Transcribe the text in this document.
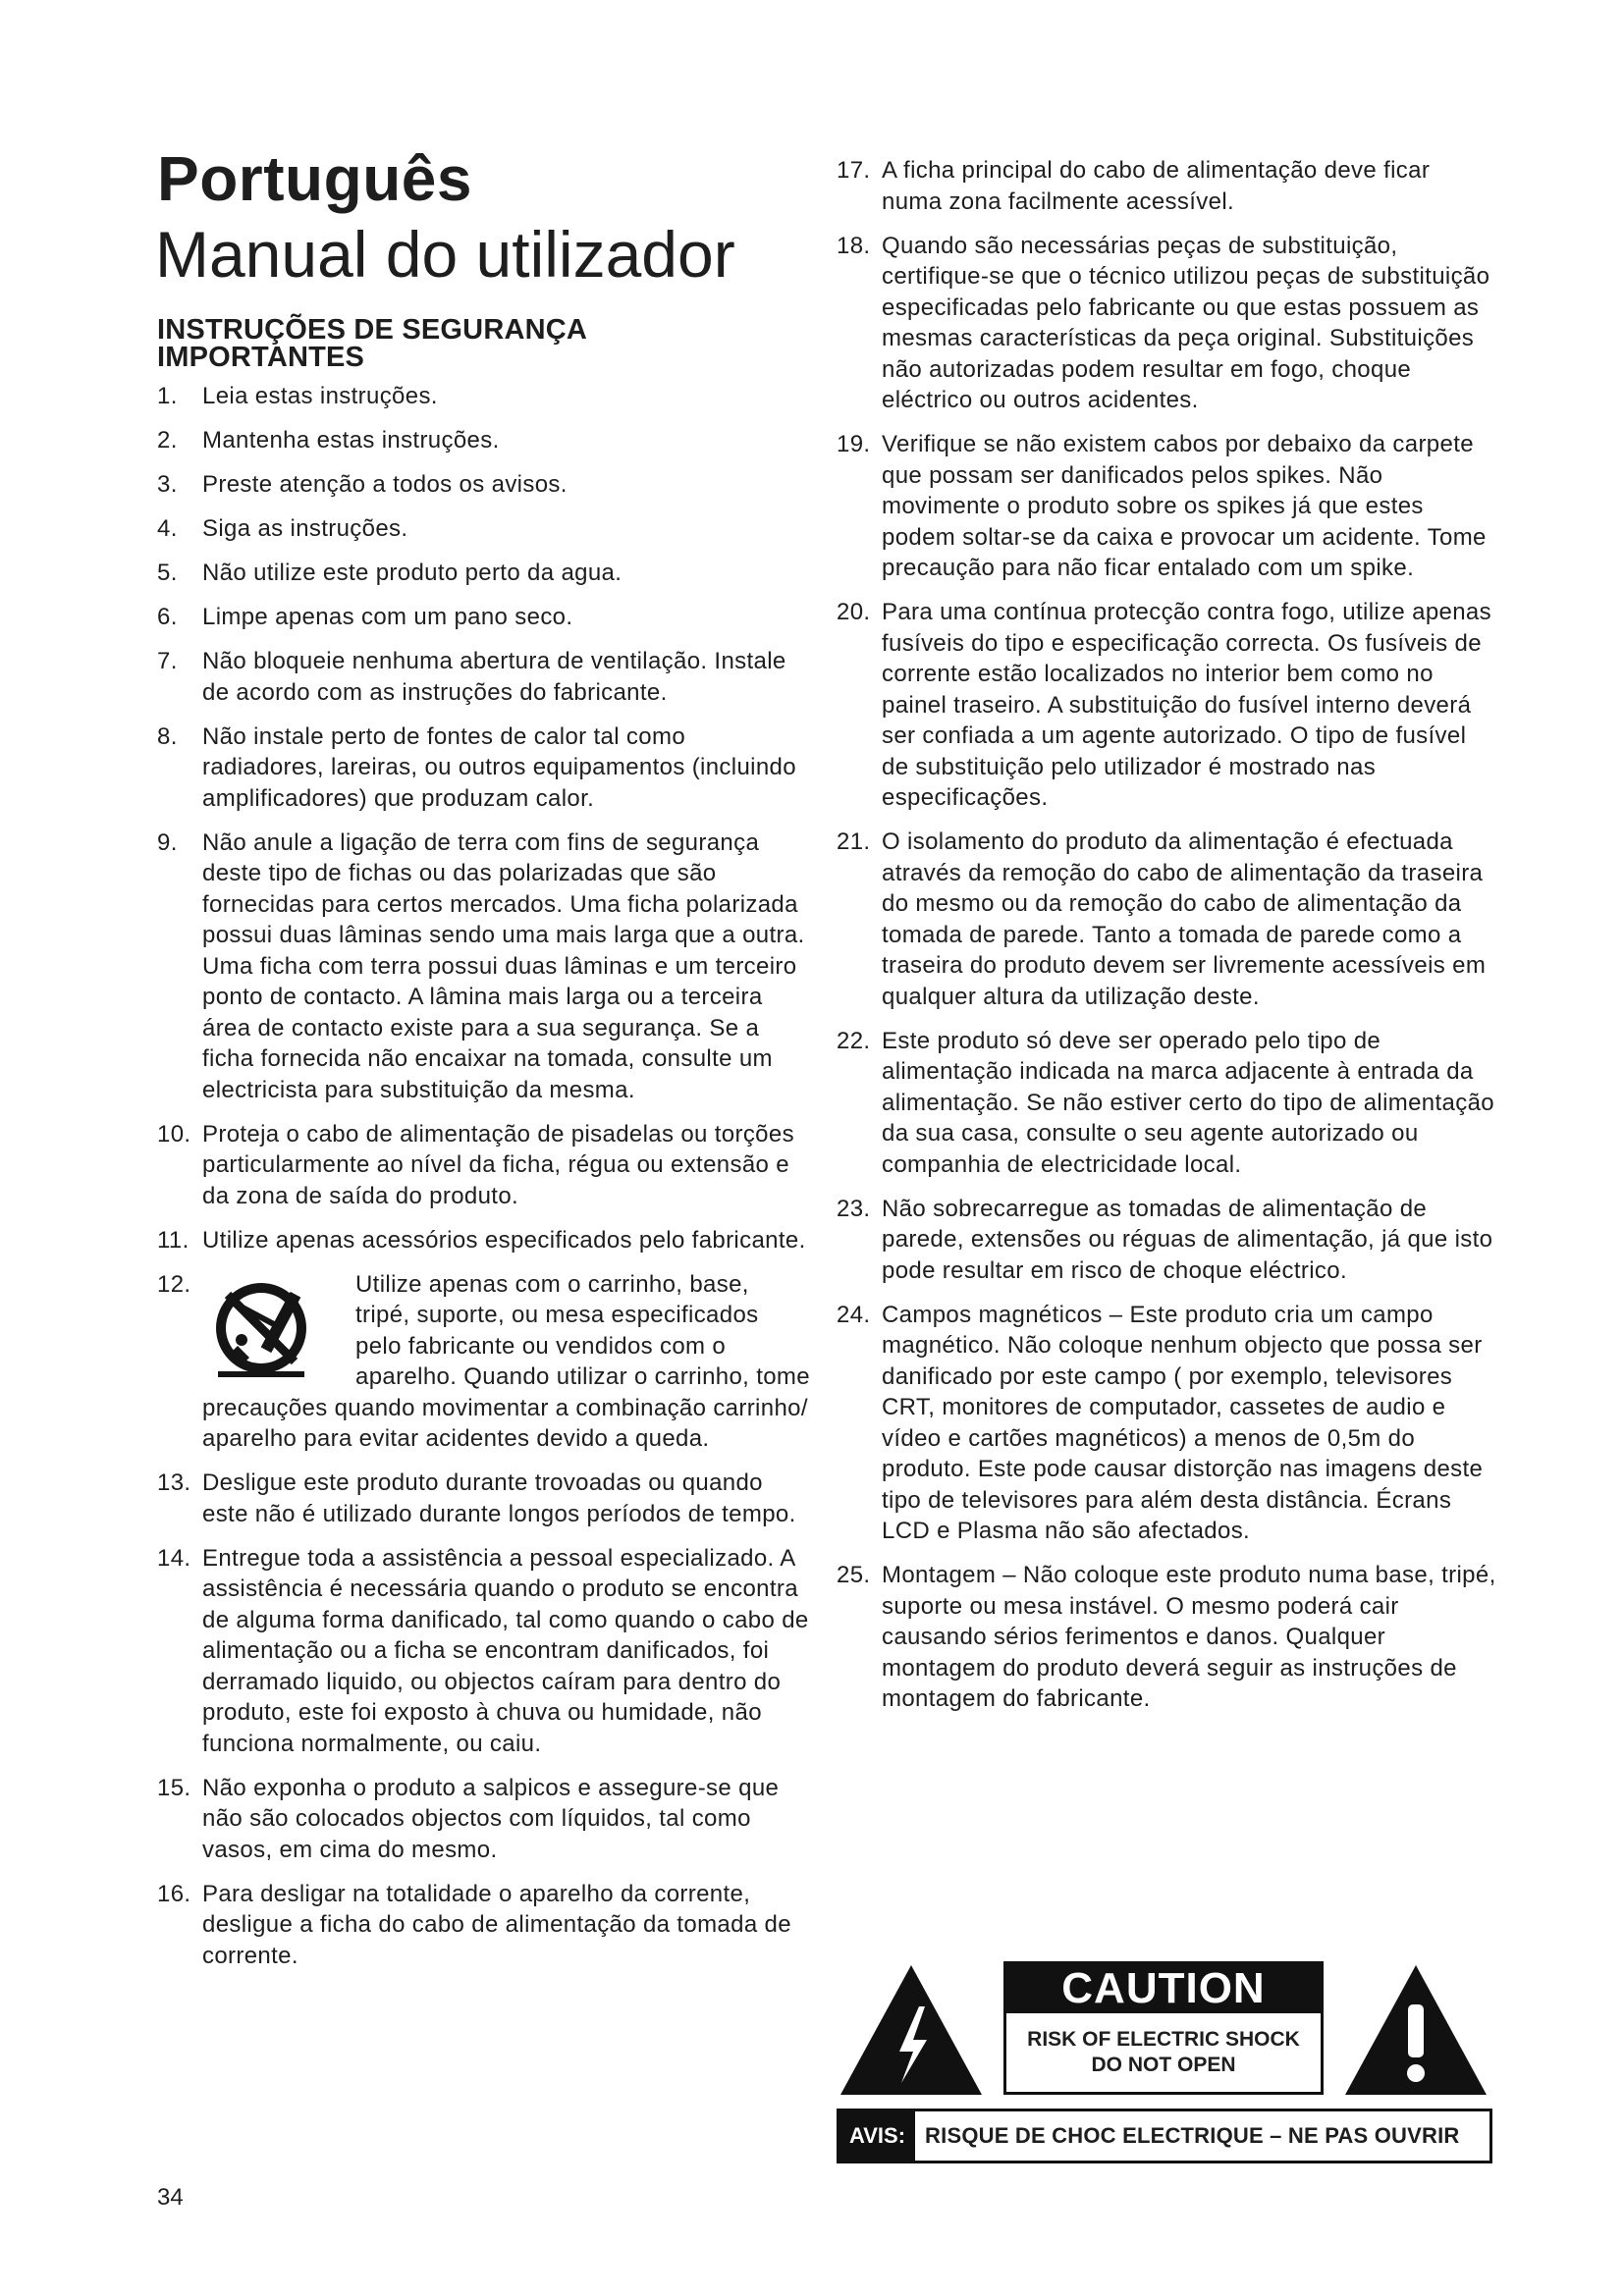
Português
Manual do utilizador
INSTRUÇÕES DE SEGURANÇA IMPORTANTES
1. Leia estas instruções.
2. Mantenha estas instruções.
3. Preste atenção a todos os avisos.
4. Siga as instruções.
5. Não utilize este produto perto da agua.
6. Limpe apenas com um pano seco.
7. Não bloqueie nenhuma abertura de ventilação. Instale de acordo com as instruções do fabricante.
8. Não instale perto de fontes de calor tal como radiadores, lareiras, ou outros equipamentos (incluindo amplificadores) que produzam calor.
9. Não anule a ligação de terra com fins de segurança deste tipo de fichas ou das polarizadas que são fornecidas para certos mercados. Uma ficha polarizada possui duas lâminas sendo uma mais larga que a outra. Uma ficha com terra possui duas lâminas e um terceiro ponto de contacto. A lâmina mais larga ou a terceira área de contacto existe para a sua segurança. Se a ficha fornecida não encaixar na tomada, consulte um electricista para substituição da mesma.
10. Proteja o cabo de alimentação de pisadelas ou torções particularmente ao nível da ficha, régua ou extensão e da zona de saída do produto.
11. Utilize apenas acessórios especificados pelo fabricante.
12.	Utilize apenas com o carrinho, base, tripé, suporte, ou mesa especificados pelo fabricante ou vendidos com o aparelho. Quando utilizar o carrinho, tome precauções quando movimentar a combinação carrinho/ aparelho para evitar acidentes devido a queda.
13. Desligue este produto durante trovoadas ou quando este não é utilizado durante longos períodos de tempo.
14. Entregue toda a assistência a pessoal especializado. A assistência é necessária quando o produto se encontra de alguma forma danificado, tal como quando o cabo de alimentação ou a ficha se encontram danificados, foi derramado liquido, ou objectos caíram para dentro do produto, este foi exposto à chuva ou humidade, não funciona normalmente, ou caiu.
15. Não exponha o produto a salpicos e assegure-se que não são colocados objectos com líquidos, tal como vasos, em cima do mesmo.
16. Para desligar na totalidade o aparelho da corrente, desligue a ficha do cabo de alimentação da tomada de corrente.
17. A ficha principal do cabo de alimentação deve ficar numa zona facilmente acessível.
18. Quando são necessárias peças de substituição, certifique-se que o técnico utilizou peças de substituição especificadas pelo fabricante ou que estas possuem as mesmas características da peça original. Substituições não autorizadas podem resultar em fogo, choque eléctrico ou outros acidentes.
19. Verifique se não existem cabos por debaixo da carpete que possam ser danificados pelos spikes. Não movimente o produto sobre os spikes já que estes podem soltar-se da caixa e provocar um acidente. Tome precaução para não ficar entalado com um spike.
20. Para uma contínua protecção contra fogo, utilize apenas fusíveis do tipo e especificação correcta. Os fusíveis de corrente estão localizados no interior bem como no painel traseiro. A substituição do fusível interno deverá ser confiada a um agente autorizado. O tipo de fusível de substituição pelo utilizador é mostrado nas especificações.
21. O isolamento do produto da alimentação é efectuada através da remoção do cabo de alimentação da traseira do mesmo ou da remoção do cabo de alimentação da tomada de parede. Tanto a tomada de parede como a traseira do produto devem ser livremente acessíveis em qualquer altura da utilização deste.
22. Este produto só deve ser operado pelo tipo de alimentação indicada na marca adjacente à entrada da alimentação. Se não estiver certo do tipo de alimentação da sua casa, consulte o seu agente autorizado ou companhia de electricidade local.
23. Não sobrecarregue as tomadas de alimentação de parede, extensões ou réguas de alimentação, já que isto pode resultar em risco de choque eléctrico.
24. Campos magnéticos – Este produto cria um campo magnético. Não coloque nenhum objecto que possa ser danificado por este campo ( por exemplo, televisores CRT, monitores de computador, cassetes de audio e vídeo e cartões magnéticos) a menos de 0,5m do produto. Este pode causar distorção nas imagens deste tipo de televisores para além desta distância. Écrans LCD e Plasma não são afectados.
25. Montagem – Não coloque este produto numa base, tripé, suporte ou mesa instável. O mesmo poderá cair causando sérios ferimentos e danos. Qualquer montagem do produto deverá seguir as instruções de montagem do fabricante.
CAUTION
RISK OF ELECTRIC SHOCK
DO NOT OPEN
AVIS: RISQUE DE CHOC ELECTRIQUE – NE PAS OUVRIR
34
